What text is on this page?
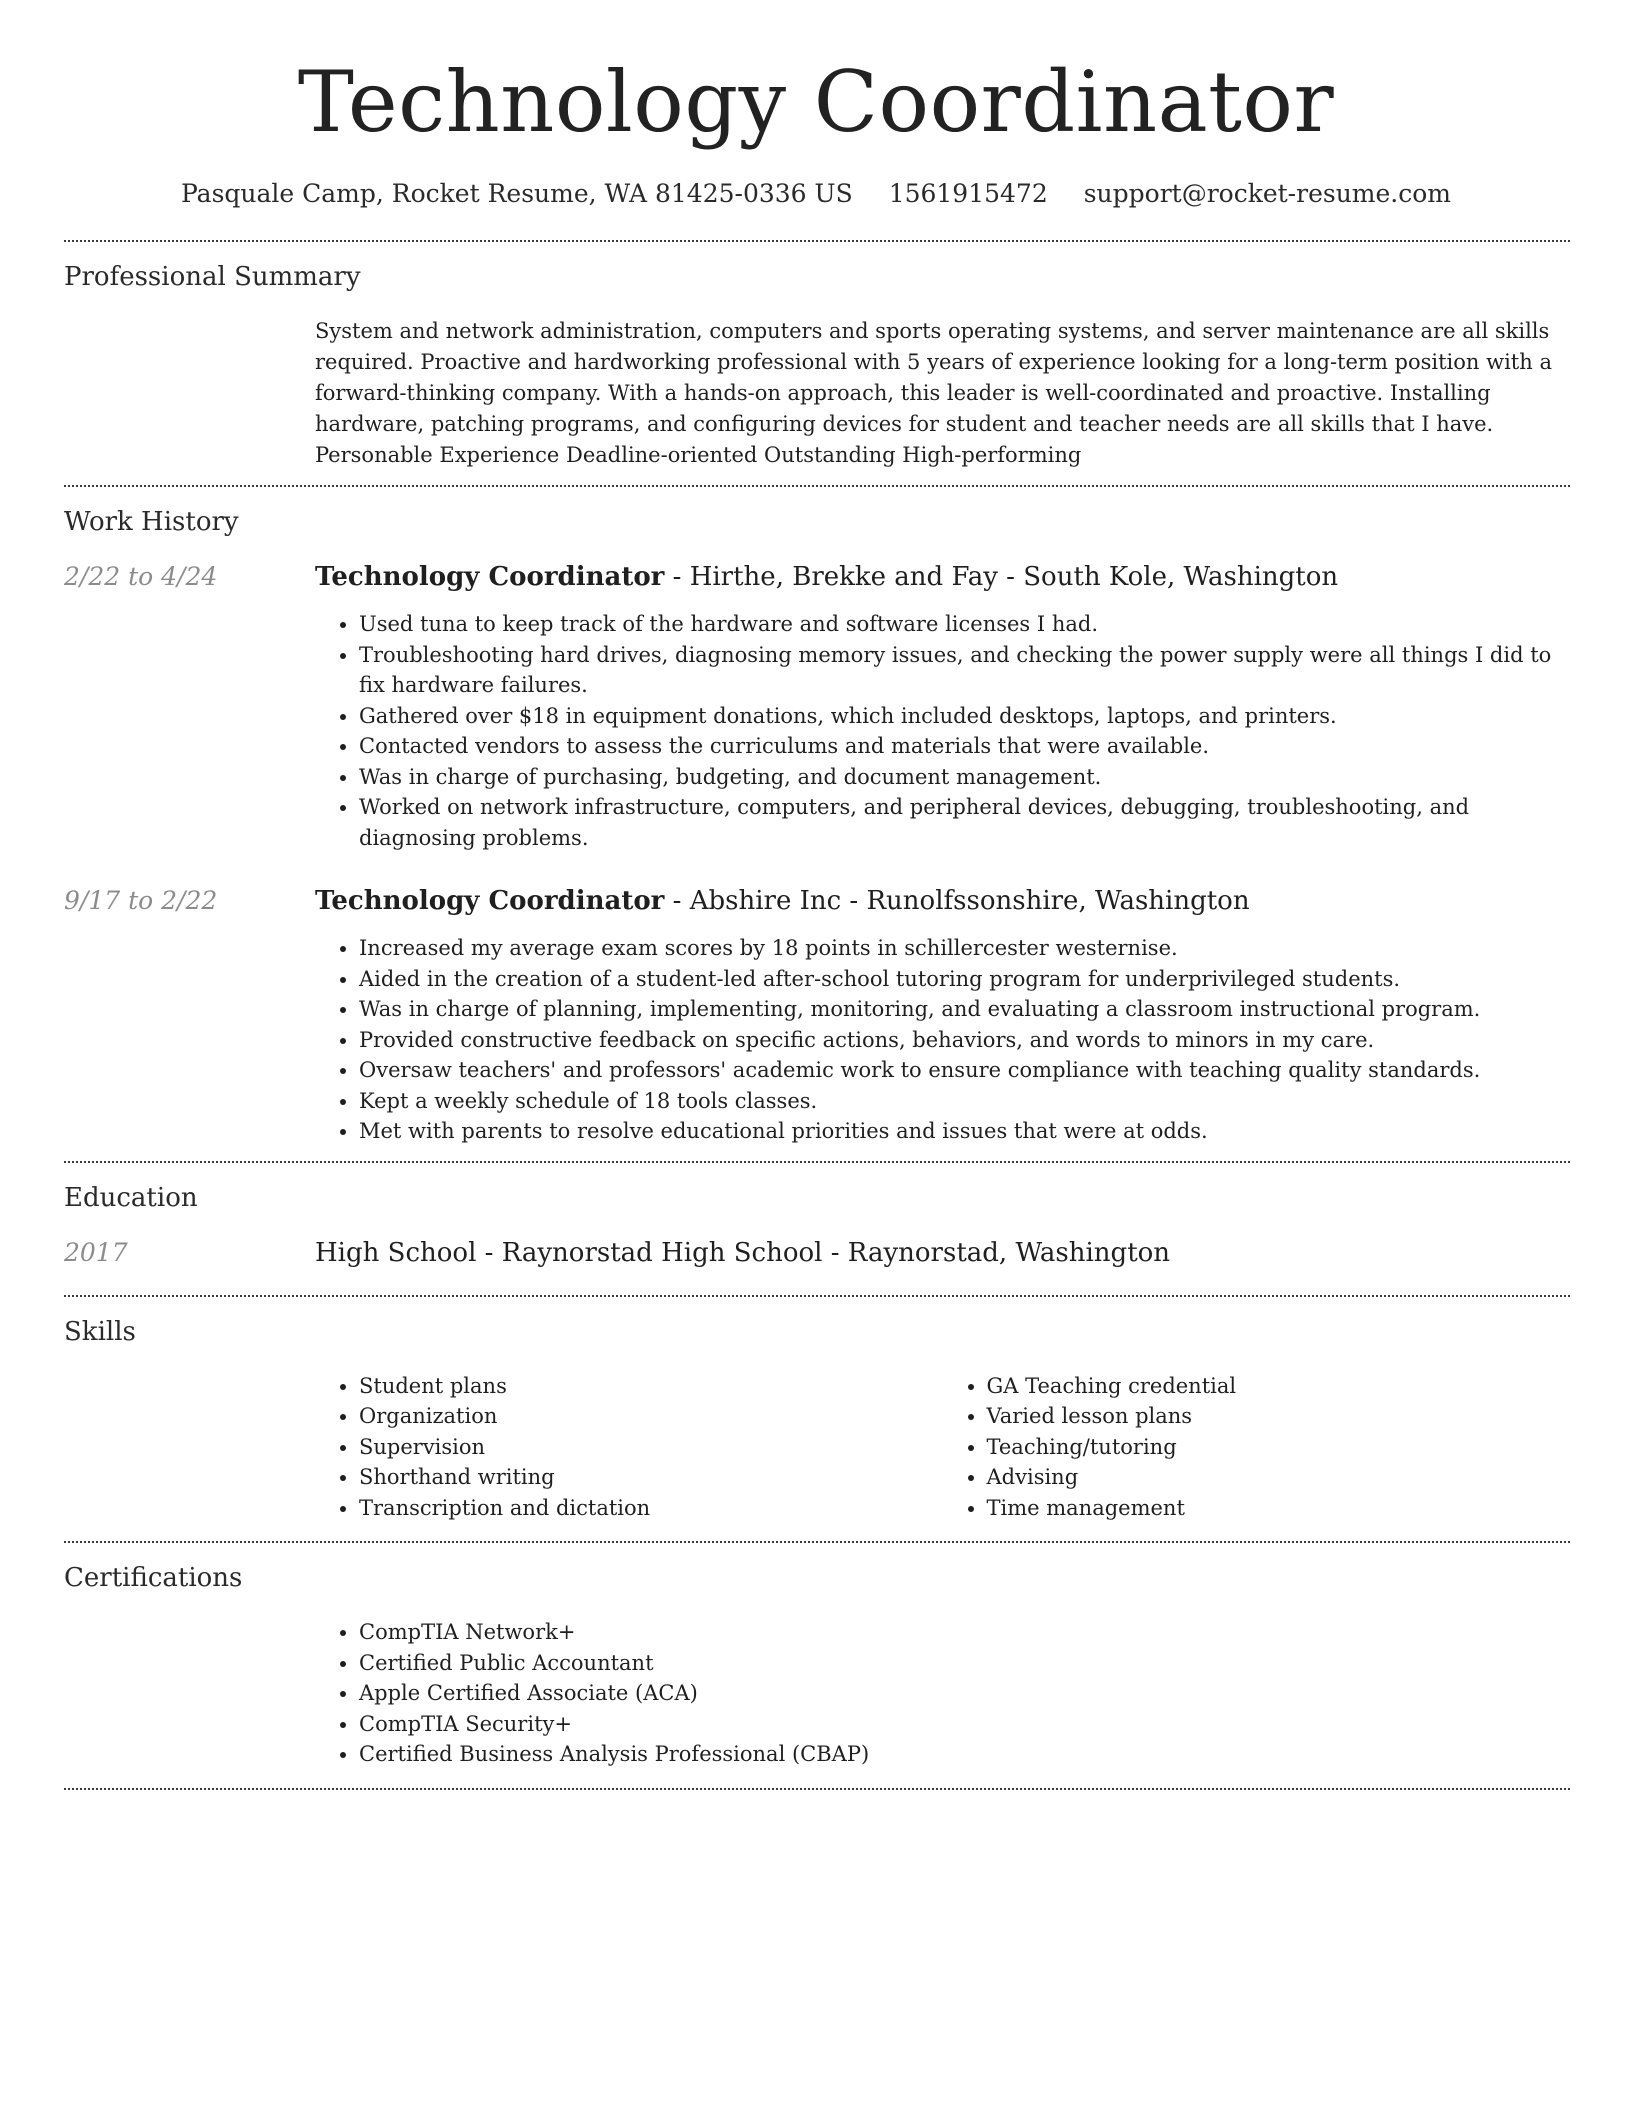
Technology Coordinator
Pasquale Camp, Rocket Resume, WA 81425-0336 US 1561915472 support@rocket-resume.com
Professional Summary

System and network administration, computers and sports operating systems, and server maintenance are all skills required. Proactive and hardworking professional with 5 years of experience looking for a long-term position with a forward-thinking company. With a hands-on approach, this leader is well-coordinated and proactive. Installing hardware, patching programs, and configuring devices for student and teacher needs are all skills that I have. Personable Experience Deadline-oriented Outstanding High-performing

Work History
2/22 to 4/24	Technology Coordinator - Hirthe, Brekke and Fay - South Kole, Washington
• Used tuna to keep track of the hardware and software licenses I had.
• Troubleshooting hard drives, diagnosing memory issues, and checking the power supply were all things I did to fix hardware failures.
• Gathered over $18 in equipment donations, which included desktops, laptops, and printers.
• Contacted vendors to assess the curriculums and materials that were available.
• Was in charge of purchasing, budgeting, and document management.
• Worked on network infrastructure, computers, and peripheral devices, debugging, troubleshooting, and diagnosing problems.
9/17 to 2/22	Technology Coordinator - Abshire Inc - Runolfssonshire, Washington
• Increased my average exam scores by 18 points in schillercester westernise.
• Aided in the creation of a student-led after-school tutoring program for underprivileged students.
• Was in charge of planning, implementing, monitoring, and evaluating a classroom instructional program.
• Provided constructive feedback on specific actions, behaviors, and words to minors in my care.
• Oversaw teachers' and professors' academic work to ensure compliance with teaching quality standards.
• Kept a weekly schedule of 18 tools classes.
• Met with parents to resolve educational priorities and issues that were at odds.
Education
2017	High School - Raynorstad High School - Raynorstad, Washington
Skills
• Student plans
• Organization
• Supervision
• Shorthand writing
• Transcription and dictation
• GA Teaching credential
• Varied lesson plans
• Teaching/tutoring
• Advising
• Time management
Certifications
• CompTIA Network+
• Certified Public Accountant
• Apple Certified Associate (ACA)
• CompTIA Security+
• Certified Business Analysis Professional (CBAP)
